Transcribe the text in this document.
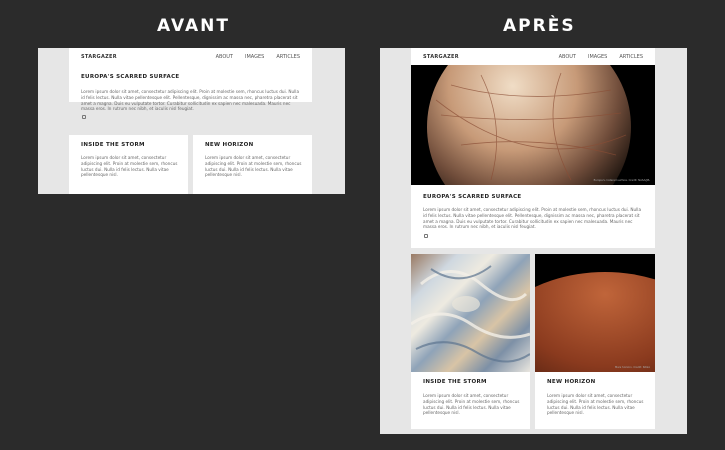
AVANT	APRÈS
STARGAZER	ABOUT IMAGES ARTICLES
EUROPA'S SCARRED SURFACE
Lorem ipsum dolor sit amet, consectetur adipiscing elit. Proin at molestie sem, rhoncus luctus dui. Nulla id felis lectus. Nulla vitae pellentesque elit. Pellentesque, dignissim ac massa nec, pharetra placerat sit amet a magna. Duis eu vulputate tortor. Curabitur sollicitudin ex sapien nec malesuada. Mauris nec massa eros. In rutrum nec nibh, et iaculis nisl feugiat.
INSIDE THE STORM
Lorem ipsum dolor sit amet, consectetur adipiscing elit. Proin at molestie sem, rhoncus luctus dui. Nulla id felis lectus. Nulla vitae pellentesque nisl.
NEW HORIZON
Lorem ipsum dolor sit amet, consectetur adipiscing elit. Proin at molestie sem, rhoncus luctus dui. Nulla id felis lectus. Nulla vitae pellentesque nisl.
STARGAZER	ABOUT IMAGES ARTICLES
Europa's cratered surface. Credit: NASA/JPL
EUROPA'S SCARRED SURFACE
Lorem ipsum dolor sit amet, consectetur adipiscing elit. Proin at molestie sem, rhoncus luctus dui. Nulla id felis lectus. Nulla vitae pellentesque elit. Pellentesque, dignissim ac massa nec, pharetra placerat sit amet a magna. Duis eu vulputate tortor. Curabitur sollicitudin ex sapien nec malesuada. Mauris nec massa eros. In rutrum nec nibh, et iaculis nisl feugiat.
INSIDE THE STORM
Lorem ipsum dolor sit amet, consectetur adipiscing elit. Proin at molestie sem, rhoncus luctus dui. Nulla id felis lectus. Nulla vitae pellentesque nisl.
Mars horizon. Credit: NASA
NEW HORIZON
Lorem ipsum dolor sit amet, consectetur adipiscing elit. Proin at molestie sem, rhoncus luctus dui. Nulla id felis lectus. Nulla vitae pellentesque nisl.
